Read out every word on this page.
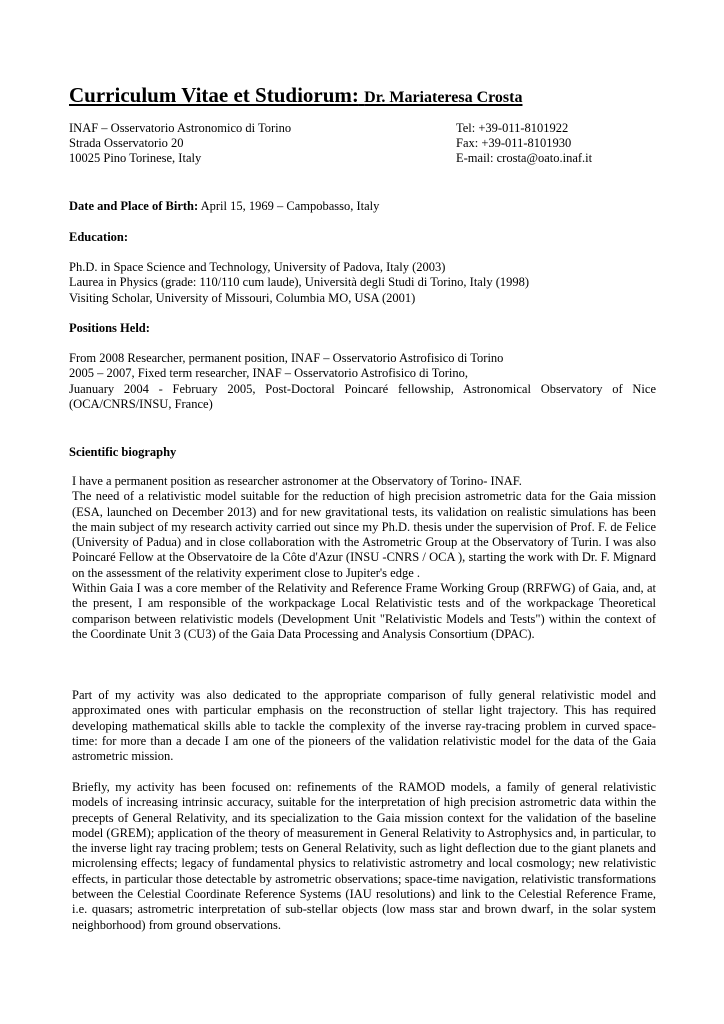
Curriculum Vitae et Studiorum: Dr. Mariateresa Crosta
INAF – Osservatorio Astronomico di Torino
Strada Osservatorio 20
10025 Pino Torinese, Italy
Tel: +39-011-8101922
Fax: +39-011-8101930
E-mail: crosta@oato.inaf.it
Date and Place of Birth: April 15, 1969 – Campobasso, Italy
Education:
Ph.D. in Space Science and Technology, University of Padova, Italy (2003)
Laurea in Physics (grade: 110/110 cum laude), Università degli Studi di Torino, Italy (1998)
Visiting Scholar, University of Missouri, Columbia MO, USA (2001)
Positions Held:
From 2008 Researcher, permanent position, INAF – Osservatorio Astrofisico di Torino
2005 – 2007, Fixed term researcher, INAF – Osservatorio Astrofisico di Torino,
Juanuary 2004 - February 2005, Post-Doctoral Poincaré fellowship, Astronomical Observatory of Nice (OCA/CNRS/INSU, France)
Scientific biography
I have a permanent position as researcher astronomer at the Observatory of Torino- INAF.
The need of a relativistic model suitable for the reduction of high precision astrometric data for the Gaia mission (ESA, launched on December 2013) and for new gravitational tests, its validation on realistic simulations has been the main subject of my research activity carried out since my Ph.D. thesis under the supervision of Prof. F. de Felice (University of Padua) and in close collaboration with the Astrometric Group at the Observatory of Turin. I was also Poincaré Fellow at the Observatoire de la Côte d'Azur (INSU -CNRS / OCA ), starting the work with Dr. F. Mignard on the assessment of the relativity experiment close to Jupiter's edge .
Within Gaia I was a core member of the Relativity and Reference Frame Working Group (RRFWG) of Gaia, and, at the present, I am responsible of the workpackage Local Relativistic tests and of the workpackage Theoretical comparison between relativistic models (Development Unit "Relativistic Models and Tests") within the context of the Coordinate Unit 3 (CU3) of the Gaia Data Processing and Analysis Consortium (DPAC).
Part of my activity was also dedicated to the appropriate comparison of fully general relativistic model and approximated ones with particular emphasis on the reconstruction of stellar light trajectory. This has required developing mathematical skills able to tackle the complexity of the inverse ray-tracing problem in curved space-time: for more than a decade I am one of the pioneers of the validation relativistic model for the data of the Gaia astrometric mission.
Briefly, my activity has been focused on: refinements of the RAMOD models, a family of general relativistic models of increasing intrinsic accuracy, suitable for the interpretation of high precision astrometric data within the precepts of General Relativity, and its specialization to the Gaia mission context for the validation of the baseline model (GREM); application of the theory of measurement in General Relativity to Astrophysics and, in particular, to the inverse light ray tracing problem; tests on General Relativity, such as light deflection due to the giant planets and microlensing effects; legacy of fundamental physics to relativistic astrometry and local cosmology; new relativistic effects, in particular those detectable by astrometric observations; space-time navigation, relativistic transformations between the Celestial Coordinate Reference Systems (IAU resolutions) and link to the Celestial Reference Frame, i.e. quasars; astrometric interpretation of sub-stellar objects (low mass star and brown dwarf, in the solar system neighborhood) from ground observations.
